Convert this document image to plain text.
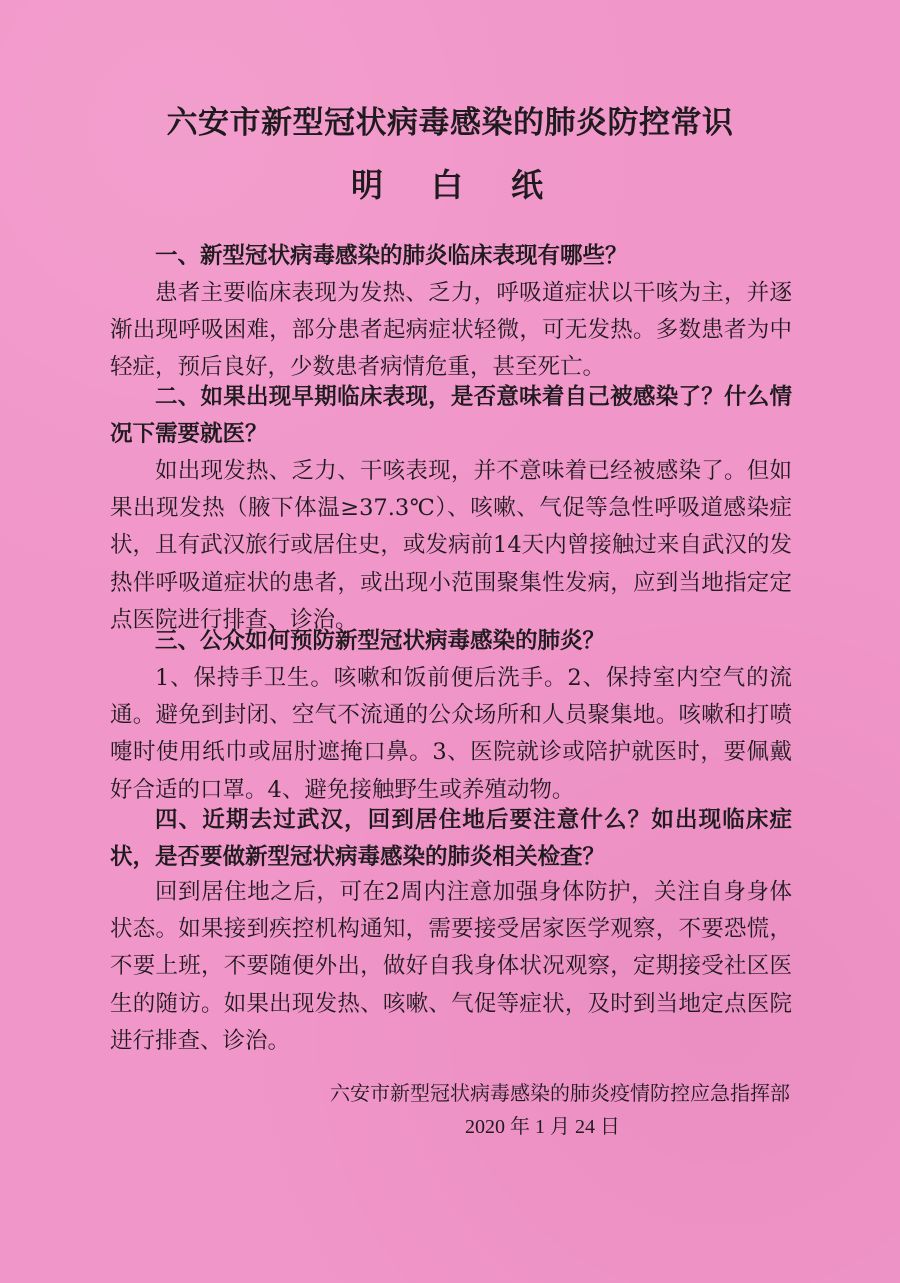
六安市新型冠状病毒感染的肺炎防控常识
明白纸

一、新型冠状病毒感染的肺炎临床表现有哪些？

患者主要临床表现为发热、乏力，呼吸道症状以干咳为主，并逐渐出现呼吸困难，部分患者起病症状轻微，可无发热。多数患者为中轻症，预后良好，少数患者病情危重，甚至死亡。

二、如果出现早期临床表现，是否意味着自己被感染了？什么情况下需要就医？

如出现发热、乏力、干咳表现，并不意味着已经被感染了。但如果出现发热（腋下体温≥37.3℃）、咳嗽、气促等急性呼吸道感染症状，且有武汉旅行或居住史，或发病前14天内曾接触过来自武汉的发热伴呼吸道症状的患者，或出现小范围聚集性发病，应到当地指定定点医院进行排查、诊治。

三、公众如何预防新型冠状病毒感染的肺炎？

1、保持手卫生。咳嗽和饭前便后洗手。2、保持室内空气的流通。避免到封闭、空气不流通的公众场所和人员聚集地。咳嗽和打喷嚏时使用纸巾或屈肘遮掩口鼻。3、医院就诊或陪护就医时，要佩戴好合适的口罩。4、避免接触野生或养殖动物。

四、近期去过武汉，回到居住地后要注意什么？如出现临床症状，是否要做新型冠状病毒感染的肺炎相关检查？

回到居住地之后，可在2周内注意加强身体防护，关注自身身体状态。如果接到疾控机构通知，需要接受居家医学观察，不要恐慌，不要上班，不要随便外出，做好自我身体状况观察，定期接受社区医生的随访。如果出现发热、咳嗽、气促等症状，及时到当地定点医院进行排查、诊治。

六安市新型冠状病毒感染的肺炎疫情防控应急指挥部
2020 年 1 月 24 日
